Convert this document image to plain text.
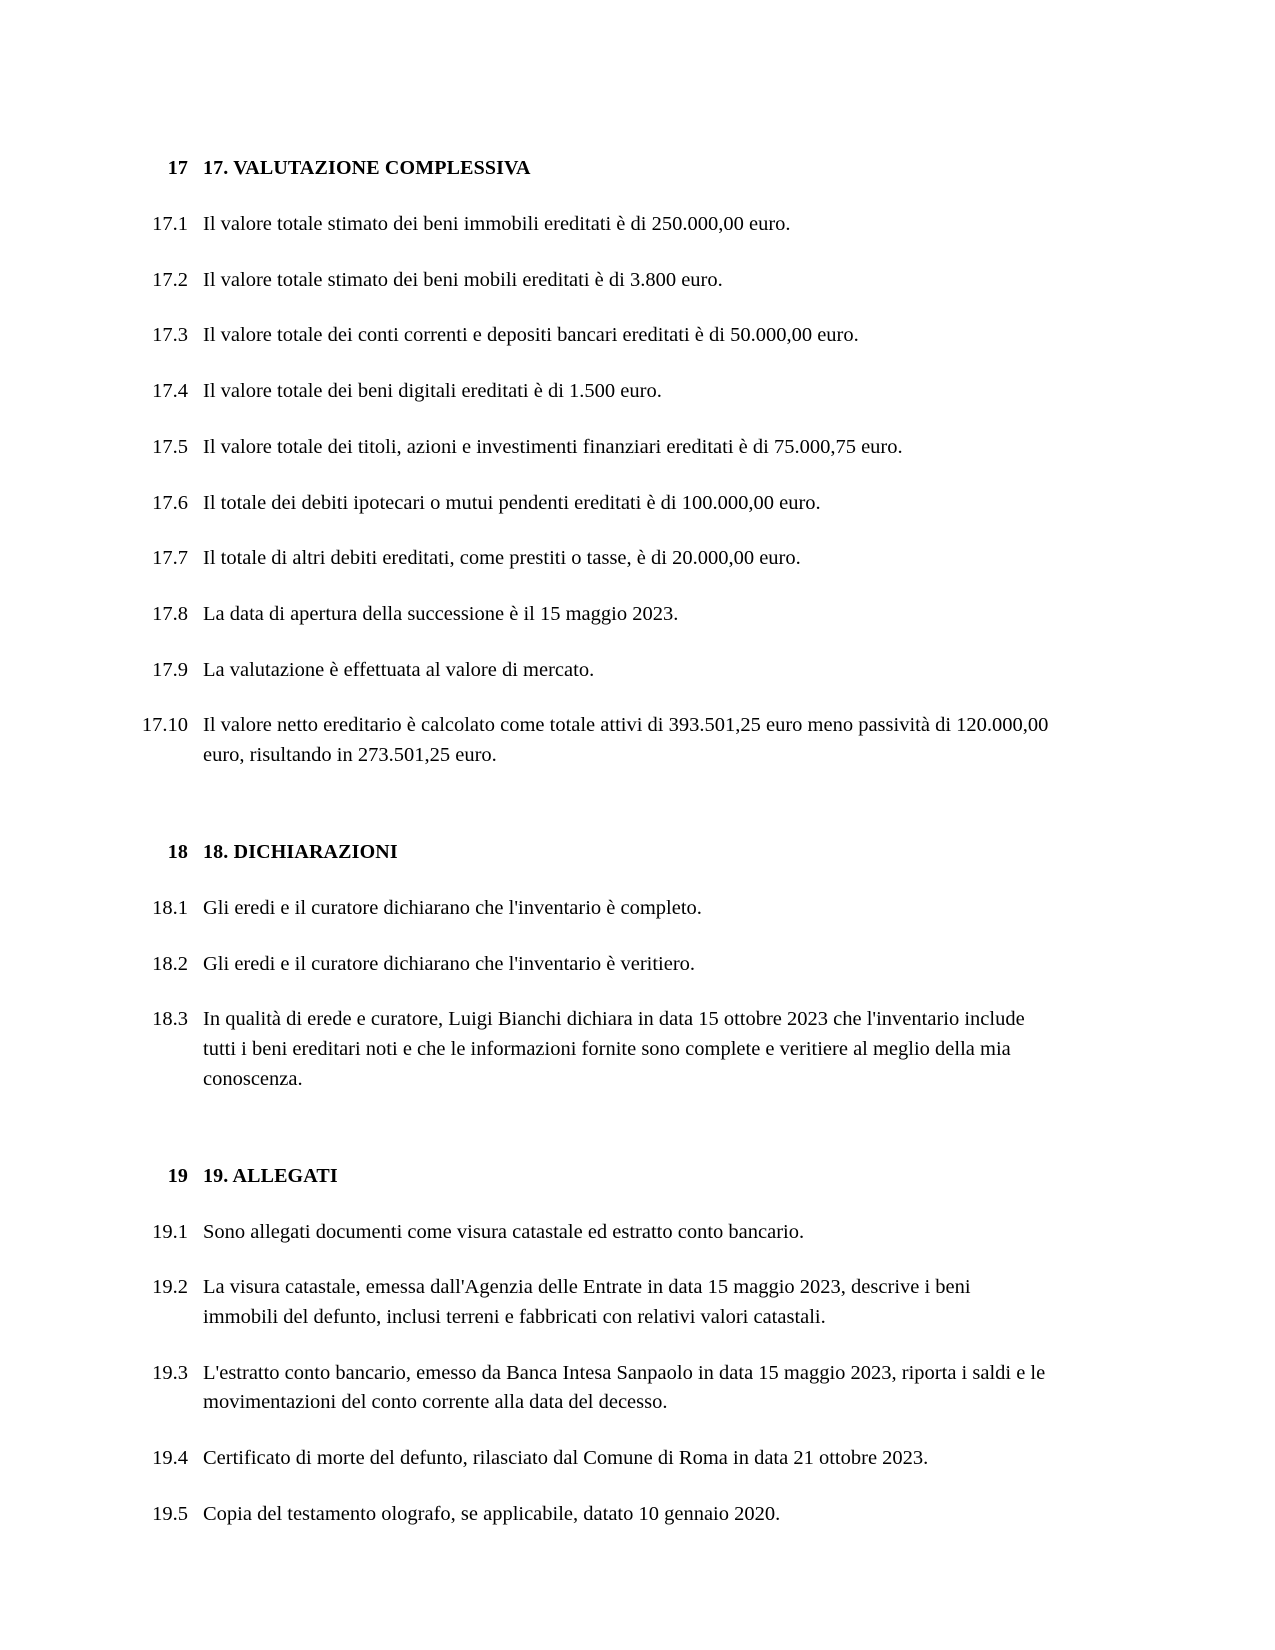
17 17. VALUTAZIONE COMPLESSIVA
17.1 Il valore totale stimato dei beni immobili ereditati è di 250.000,00 euro.
17.2 Il valore totale stimato dei beni mobili ereditati è di 3.800 euro.
17.3 Il valore totale dei conti correnti e depositi bancari ereditati è di 50.000,00 euro.
17.4 Il valore totale dei beni digitali ereditati è di 1.500 euro.
17.5 Il valore totale dei titoli, azioni e investimenti finanziari ereditati è di 75.000,75 euro.
17.6 Il totale dei debiti ipotecari o mutui pendenti ereditati è di 100.000,00 euro.
17.7 Il totale di altri debiti ereditati, come prestiti o tasse, è di 20.000,00 euro.
17.8 La data di apertura della successione è il 15 maggio 2023.
17.9 La valutazione è effettuata al valore di mercato.
17.10 Il valore netto ereditario è calcolato come totale attivi di 393.501,25 euro meno passività di 120.000,00 euro, risultando in 273.501,25 euro.
18 18. DICHIARAZIONI
18.1 Gli eredi e il curatore dichiarano che l'inventario è completo.
18.2 Gli eredi e il curatore dichiarano che l'inventario è veritiero.
18.3 In qualità di erede e curatore, Luigi Bianchi dichiara in data 15 ottobre 2023 che l'inventario include tutti i beni ereditari noti e che le informazioni fornite sono complete e veritiere al meglio della mia conoscenza.
19 19. ALLEGATI
19.1 Sono allegati documenti come visura catastale ed estratto conto bancario.
19.2 La visura catastale, emessa dall'Agenzia delle Entrate in data 15 maggio 2023, descrive i beni immobili del defunto, inclusi terreni e fabbricati con relativi valori catastali.
19.3 L'estratto conto bancario, emesso da Banca Intesa Sanpaolo in data 15 maggio 2023, riporta i saldi e le movimentazioni del conto corrente alla data del decesso.
19.4 Certificato di morte del defunto, rilasciato dal Comune di Roma in data 21 ottobre 2023.
19.5 Copia del testamento olografo, se applicabile, datato 10 gennaio 2020.
